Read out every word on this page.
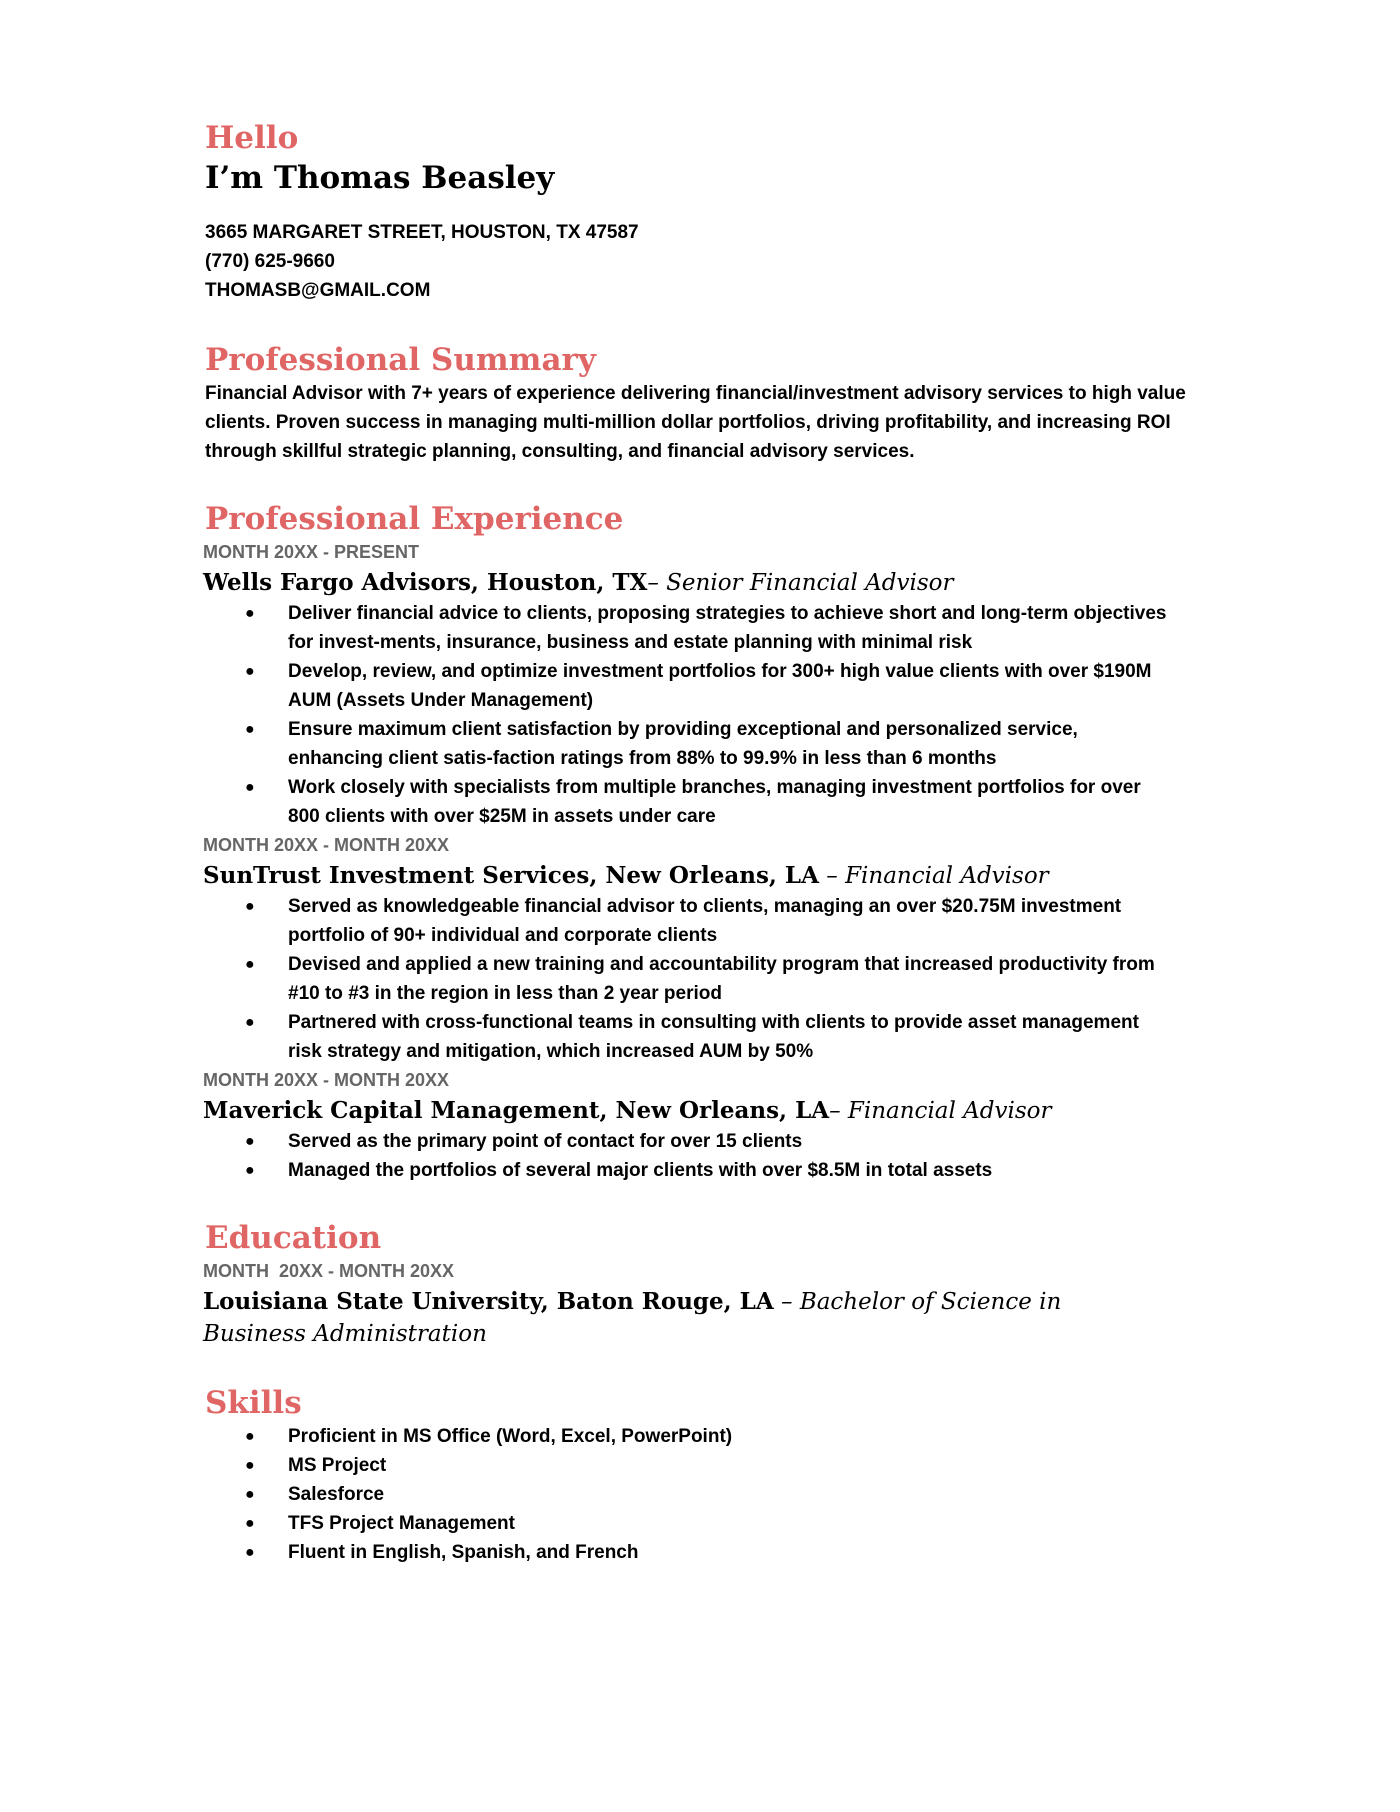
Hello
I’m Thomas Beasley
3665 MARGARET STREET, HOUSTON, TX 47587
(770) 625-9660
THOMASB@GMAIL.COM
Professional Summary

Financial Advisor with 7+ years of experience delivering financial/investment advisory services to high value clients. Proven success in managing multi-million dollar portfolios, driving profitability, and increasing ROI through skillful strategic planning, consulting, and financial advisory services.

Professional Experience
MONTH 20XX - PRESENT
Wells Fargo Advisors, Houston, TX– Senior Financial Advisor
● Deliver financial advice to clients, proposing strategies to achieve short and long-term objectives for invest-ments, insurance, business and estate planning with minimal risk
● Develop, review, and optimize investment portfolios for 300+ high value clients with over $190M AUM (Assets Under Management)
● Ensure maximum client satisfaction by providing exceptional and personalized service, enhancing client satis-faction ratings from 88% to 99.9% in less than 6 months
● Work closely with specialists from multiple branches, managing investment portfolios for over 800 clients with over $25M in assets under care
MONTH 20XX - MONTH 20XX
SunTrust Investment Services, New Orleans, LA – Financial Advisor
● Served as knowledgeable financial advisor to clients, managing an over $20.75M investment portfolio of 90+ individual and corporate clients
● Devised and applied a new training and accountability program that increased productivity from #10 to #3 in the region in less than 2 year period
● Partnered with cross-functional teams in consulting with clients to provide asset management risk strategy and mitigation, which increased AUM by 50%
MONTH 20XX - MONTH 20XX
Maverick Capital Management, New Orleans, LA– Financial Advisor
● Served as the primary point of contact for over 15 clients
● Managed the portfolios of several major clients with over $8.5M in total assets
Education
MONTH  20XX - MONTH 20XX
Louisiana State University, Baton Rouge, LA – Bachelor of Science in Business Administration
Skills
● Proficient in MS Office (Word, Excel, PowerPoint)
● MS Project
● Salesforce
● TFS Project Management
● Fluent in English, Spanish, and French
